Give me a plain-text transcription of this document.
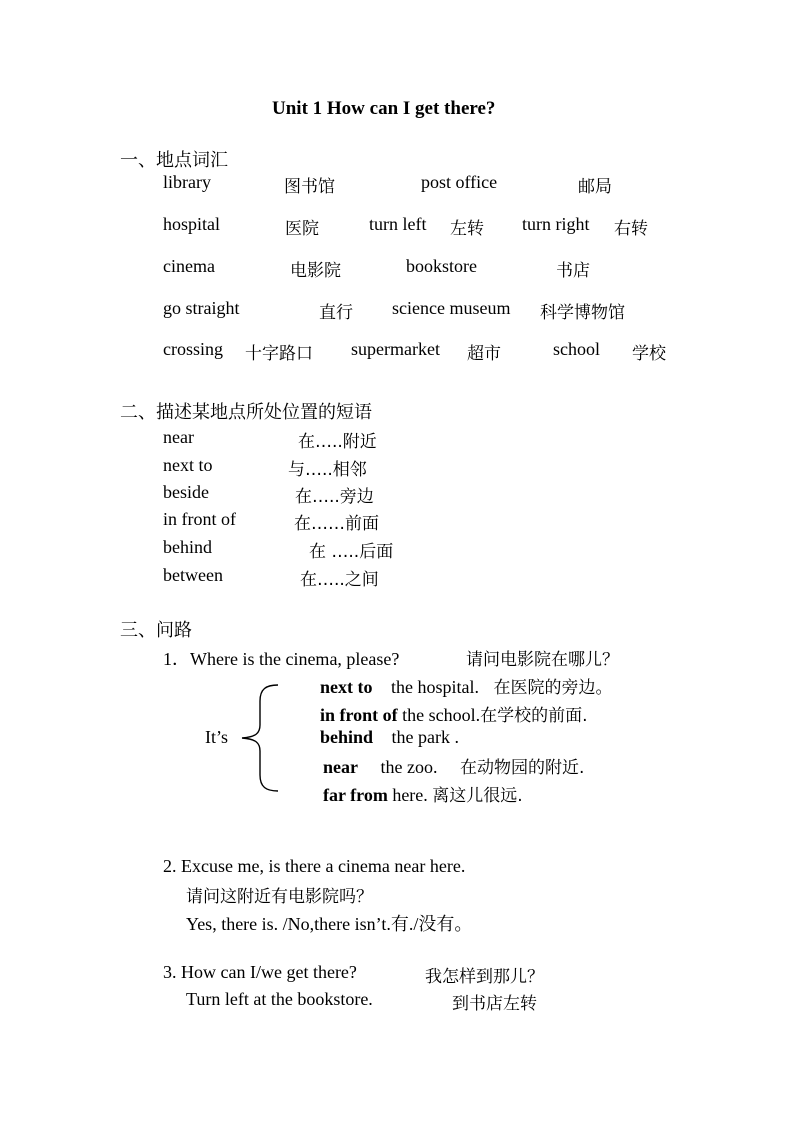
Unit 1 How can I get there?
一、地点词汇
library	图书馆	post office	邮局
hospital	医院	turn left 左转 turn right 右转
cinema	电影院	bookstore	书店
go straight	直行 science museum 科学博物馆
crossing 十字路口 supermarket 超市	school 学校
二、描述某地点所处位置的短语
near	在…..附近
next to	与…..相邻
beside	在…..旁边
in front of	在……前面
behind	在 …..后面
between	在…..之间
三、问路
1．Where is the cinema, please?	请问电影院在哪儿？
It’s
next to the hospital. 在医院的旁边。
in front of the school.在学校的前面.
behind the park .
near the zoo. 在动物园的附近.
far from here. 离这儿很远.
2. Excuse me, is there a cinema near here.
请问这附近有电影院吗？
Yes, there is. /No,there isn’t.有./没有。
3. How can I/we get there?	我怎样到那儿？
Turn left at the bookstore.	到书店左转
